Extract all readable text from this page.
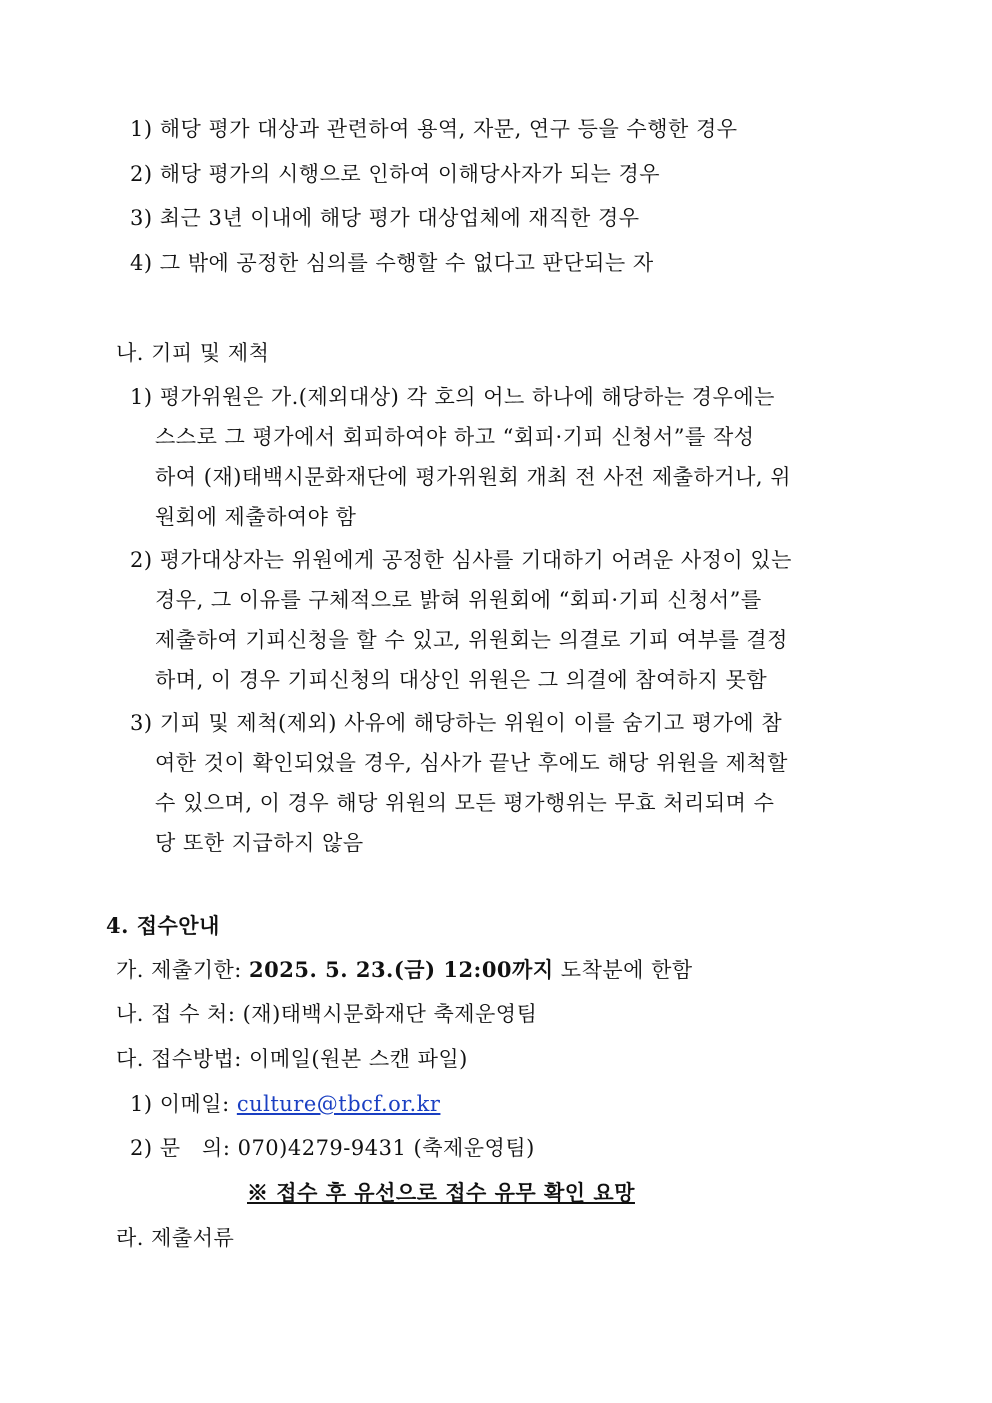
1) 해당 평가 대상과 관련하여 용역, 자문, 연구 등을 수행한 경우
2) 해당 평가의 시행으로 인하여 이해당사자가 되는 경우
3) 최근 3년 이내에 해당 평가 대상업체에 재직한 경우
4) 그 밖에 공정한 심의를 수행할 수 없다고 판단되는 자
나. 기피 및 제척
1) 평가위원은 가.(제외대상) 각 호의 어느 하나에 해당하는 경우에는
스스로 그 평가에서 회피하여야 하고 “회피·기피 신청서”를 작성
하여 (재)태백시문화재단에 평가위원회 개최 전 사전 제출하거나, 위
원회에 제출하여야 함
2) 평가대상자는 위원에게 공정한 심사를 기대하기 어려운 사정이 있는
경우, 그 이유를 구체적으로 밝혀 위원회에 “회피·기피 신청서”를
제출하여 기피신청을 할 수 있고, 위원회는 의결로 기피 여부를 결정
하며, 이 경우 기피신청의 대상인 위원은 그 의결에 참여하지 못함
3) 기피 및 제척(제외) 사유에 해당하는 위원이 이를 숨기고 평가에 참
여한 것이 확인되었을 경우, 심사가 끝난 후에도 해당 위원을 제척할
수 있으며, 이 경우 해당 위원의 모든 평가행위는 무효 처리되며 수
당 또한 지급하지 않음
4. 접수안내
가. 제출기한: 2025. 5. 23.(금) 12:00까지 도착분에 한함
나. 접 수 처: (재)태백시문화재단 축제운영팀
다. 접수방법: 이메일(원본 스캔 파일)
1) 이메일: culture@tbcf.or.kr
2) 문   의: 070)4279-9431 (축제운영팀)
※ 접수 후 유선으로 접수 유무 확인 요망
라. 제출서류
